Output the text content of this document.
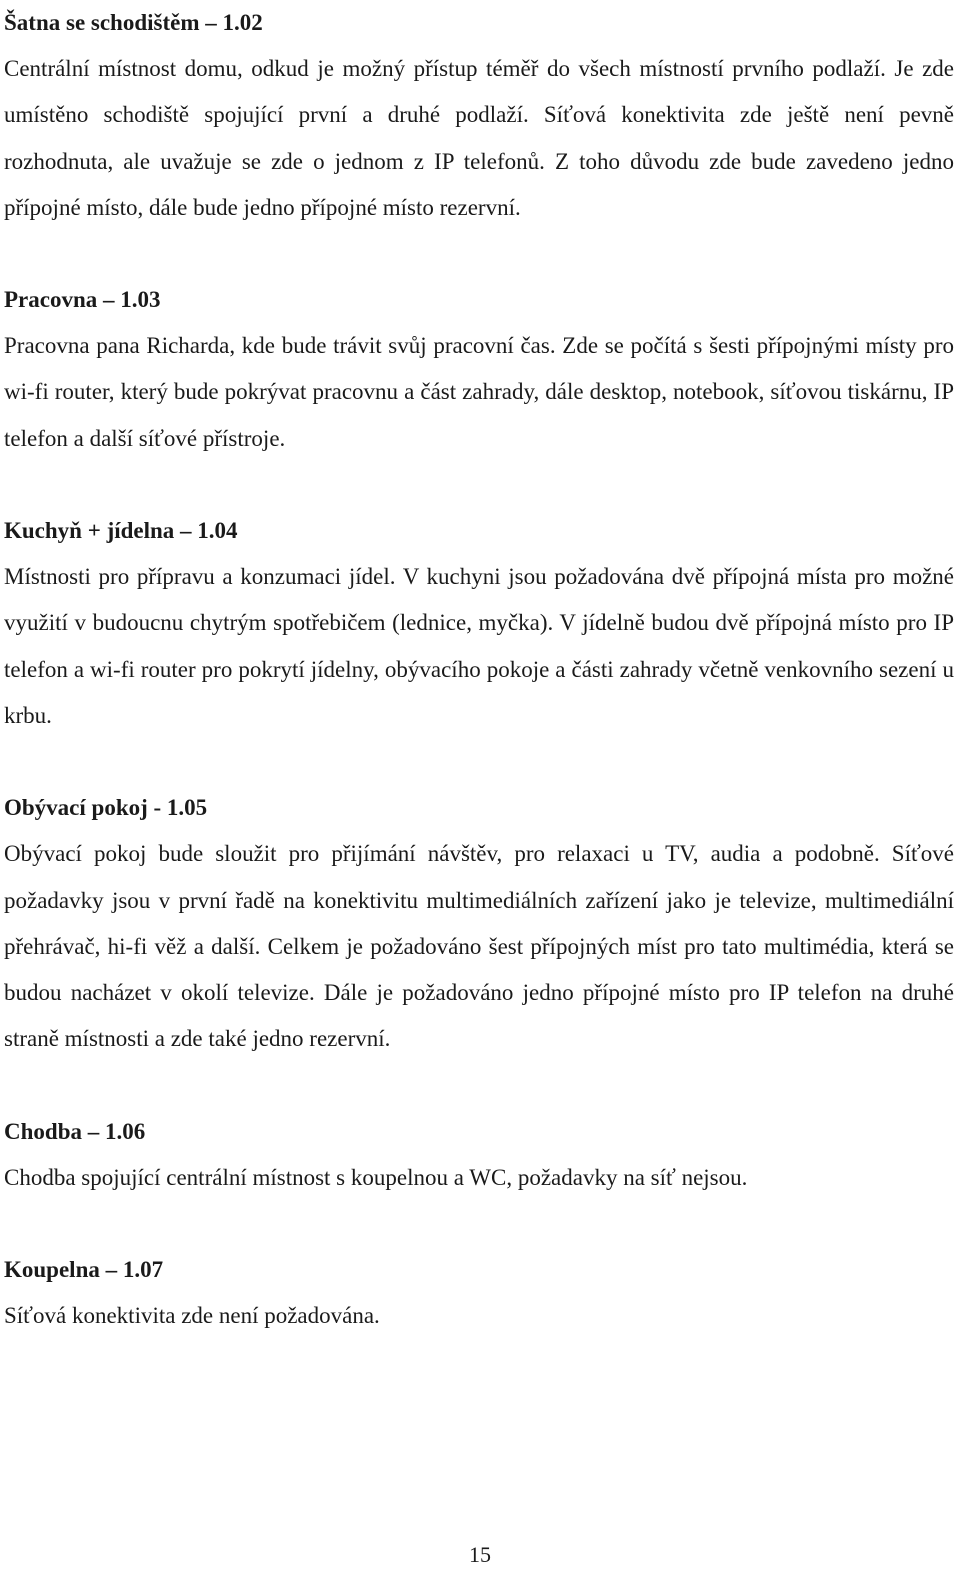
Šatna se schodištěm – 1.02

Centrální místnost domu, odkud je možný přístup téměř do všech místností prvního podlaží. Je zde umístěno schodiště spojující první a druhé podlaží. Síťová konektivita zde ještě není pevně rozhodnuta, ale uvažuje se zde o jednom z IP telefonů. Z toho důvodu zde bude zavedeno jedno přípojné místo, dále bude jedno přípojné místo rezervní.

Pracovna – 1.03

Pracovna pana Richarda, kde bude trávit svůj pracovní čas. Zde se počítá s šesti přípojnými místy pro wi-fi router, který bude pokrývat pracovnu a část zahrady, dále desktop, notebook, síťovou tiskárnu, IP telefon a další síťové přístroje.

Kuchyň + jídelna – 1.04

Místnosti pro přípravu a konzumaci jídel. V kuchyni jsou požadována dvě přípojná místa pro možné využití v budoucnu chytrým spotřebičem (lednice, myčka). V jídelně budou dvě přípojná místo pro IP telefon a wi-fi router pro pokrytí jídelny, obývacího pokoje a části zahrady včetně venkovního sezení u krbu.

Obývací pokoj - 1.05

Obývací pokoj bude sloužit pro přijímání návštěv, pro relaxaci u TV, audia a podobně. Síťové požadavky jsou v první řadě na konektivitu multimediálních zařízení jako je televize, multimediální přehrávač, hi-fi věž a další. Celkem je požadováno šest přípojných míst pro tato multimédia, která se budou nacházet v okolí televize. Dále je požadováno jedno přípojné místo pro IP telefon na druhé straně místnosti a zde také jedno rezervní.

Chodba – 1.06

Chodba spojující centrální místnost s koupelnou a WC, požadavky na síť nejsou.

Koupelna – 1.07

Síťová konektivita zde není požadována.

15
